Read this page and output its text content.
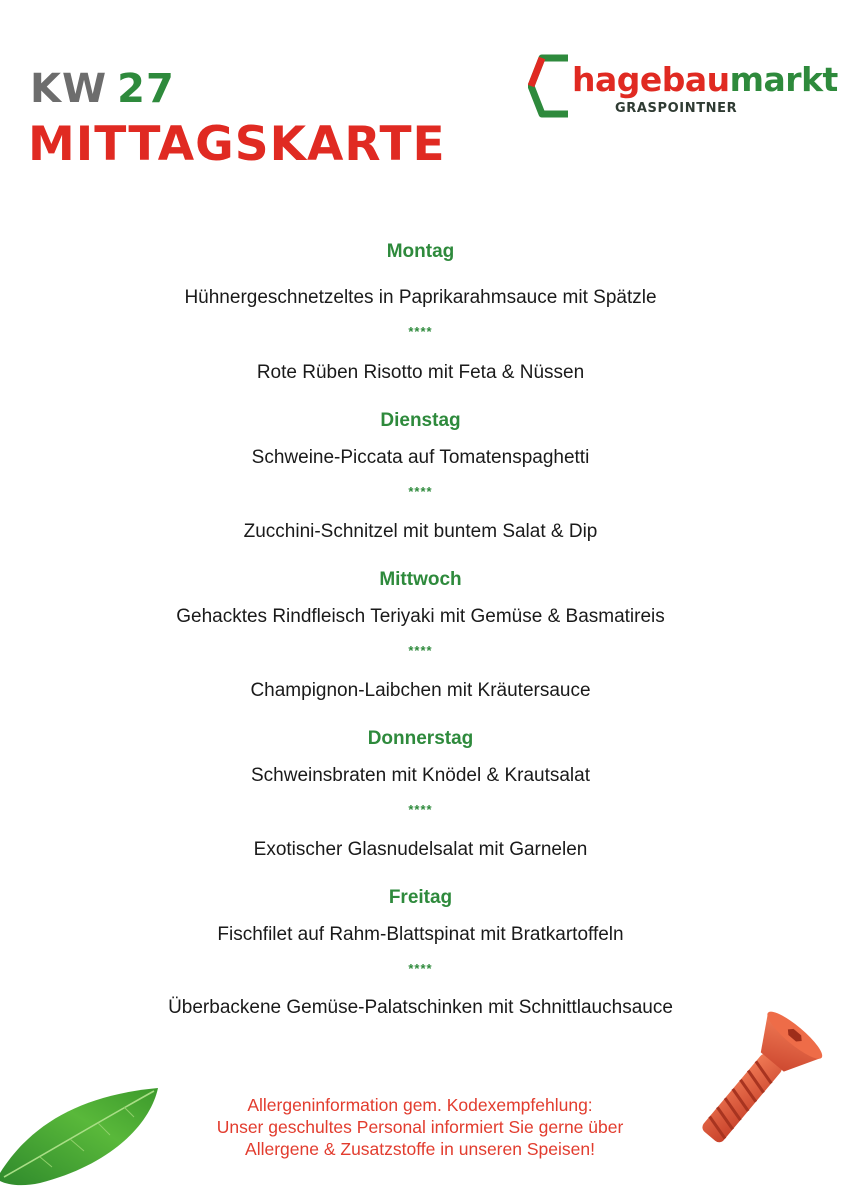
KW 27
MITTAGSKARTE
hagebaumarkt
GRASPOINTNER
Montag
Hühnergeschnetzeltes in Paprikarahmsauce mit Spätzle
****
Rote Rüben Risotto mit Feta & Nüssen
Dienstag
Schweine-Piccata auf Tomatenspaghetti
****
Zucchini-Schnitzel mit buntem Salat & Dip
Mittwoch
Gehacktes Rindfleisch Teriyaki mit Gemüse & Basmatireis
****
Champignon-Laibchen mit Kräutersauce
Donnerstag
Schweinsbraten mit Knödel & Krautsalat
****
Exotischer Glasnudelsalat mit Garnelen
Freitag
Fischfilet auf Rahm-Blattspinat mit Bratkartoffeln
****
Überbackene Gemüse-Palatschinken mit Schnittlauchsauce
Allergeninformation gem. Kodexempfehlung:
Unser geschultes Personal informiert Sie gerne über
Allergene & Zusatzstoffe in unseren Speisen!
